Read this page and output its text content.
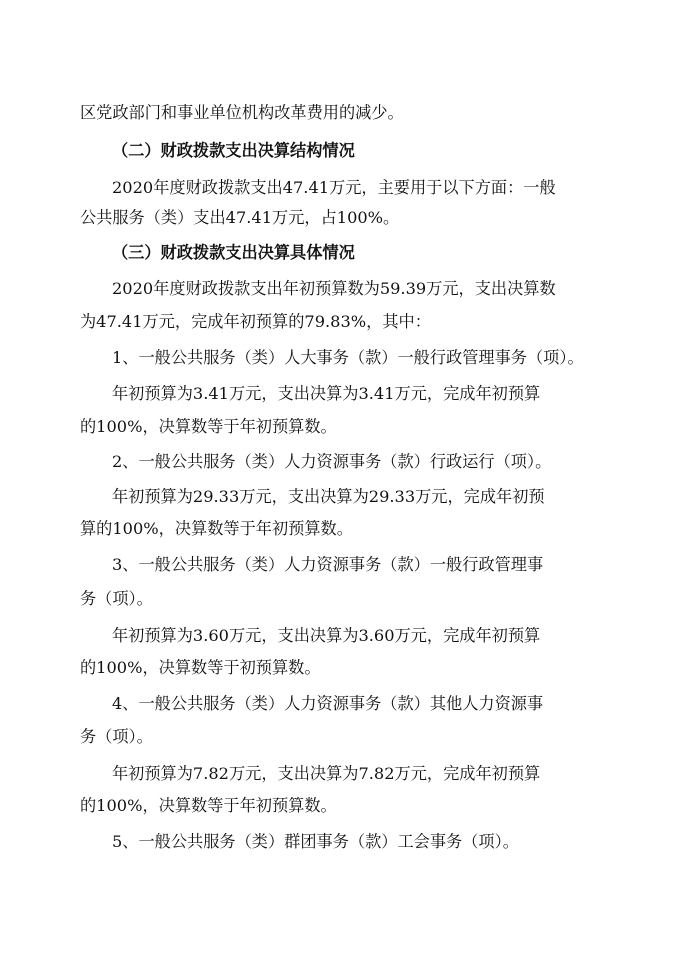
区党政部门和事业单位机构改革费用的减少。
（二）财政拨款支出决算结构情况
2020年度财政拨款支出47.41万元，主要用于以下方面：一般
公共服务（类）支出47.41万元，占100%。
（三）财政拨款支出决算具体情况
2020年度财政拨款支出年初预算数为59.39万元，支出决算数
为47.41万元，完成年初预算的79.83%，其中：
1、一般公共服务（类）人大事务（款）一般行政管理事务（项）。
年初预算为3.41万元，支出决算为3.41万元，完成年初预算
的100%，决算数等于年初预算数。
2、一般公共服务（类）人力资源事务（款）行政运行（项）。
年初预算为29.33万元，支出决算为29.33万元，完成年初预
算的100%，决算数等于年初预算数。
3、一般公共服务（类）人力资源事务（款）一般行政管理事
务（项）。
年初预算为3.60万元，支出决算为3.60万元，完成年初预算
的100%，决算数等于初预算数。
4、一般公共服务（类）人力资源事务（款）其他人力资源事
务（项）。
年初预算为7.82万元，支出决算为7.82万元，完成年初预算
的100%，决算数等于年初预算数。
5、一般公共服务（类）群团事务（款）工会事务（项）。
